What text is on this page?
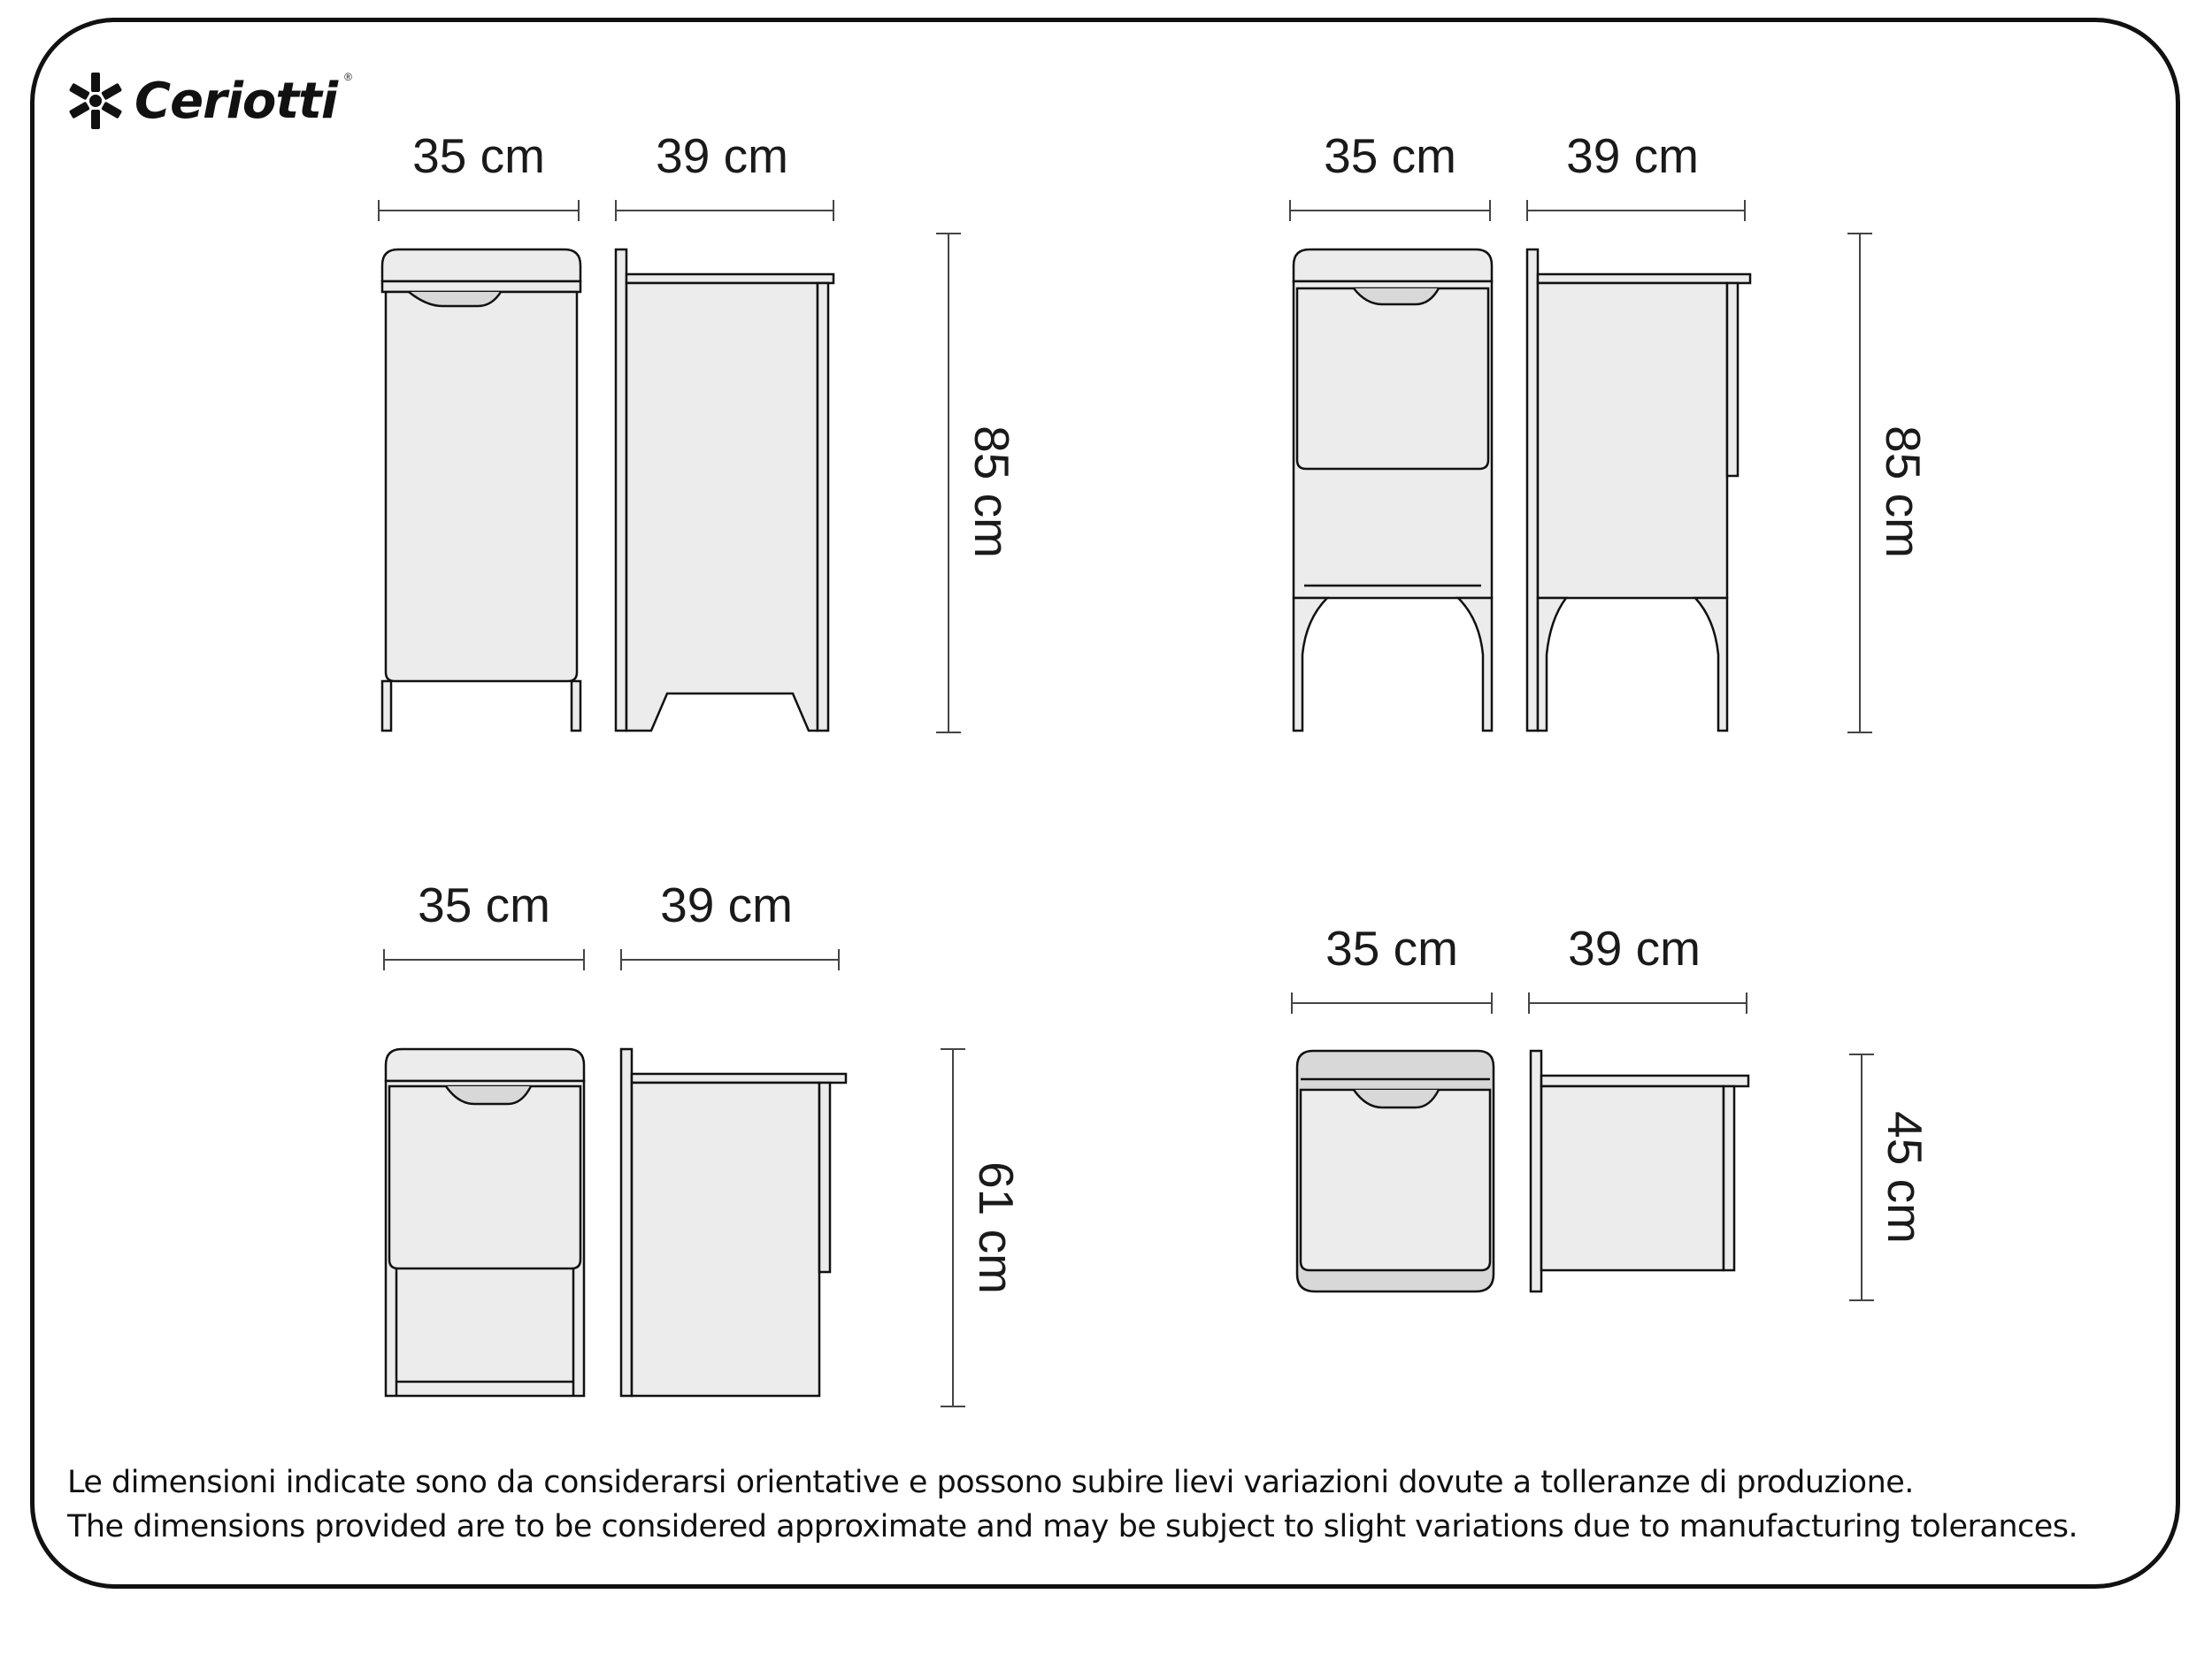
Ceriotti ®
35 cm 39 cm
85 cm
35 cm 39 cm
85 cm
35 cm 39 cm
61 cm
35 cm 39 cm
45 cm
Le dimensioni indicate sono da considerarsi orientative e possono subire lievi variazioni dovute a tolleranze di produzione.
The dimensions provided are to be considered approximate and may be subject to slight variations due to manufacturing tolerances.
